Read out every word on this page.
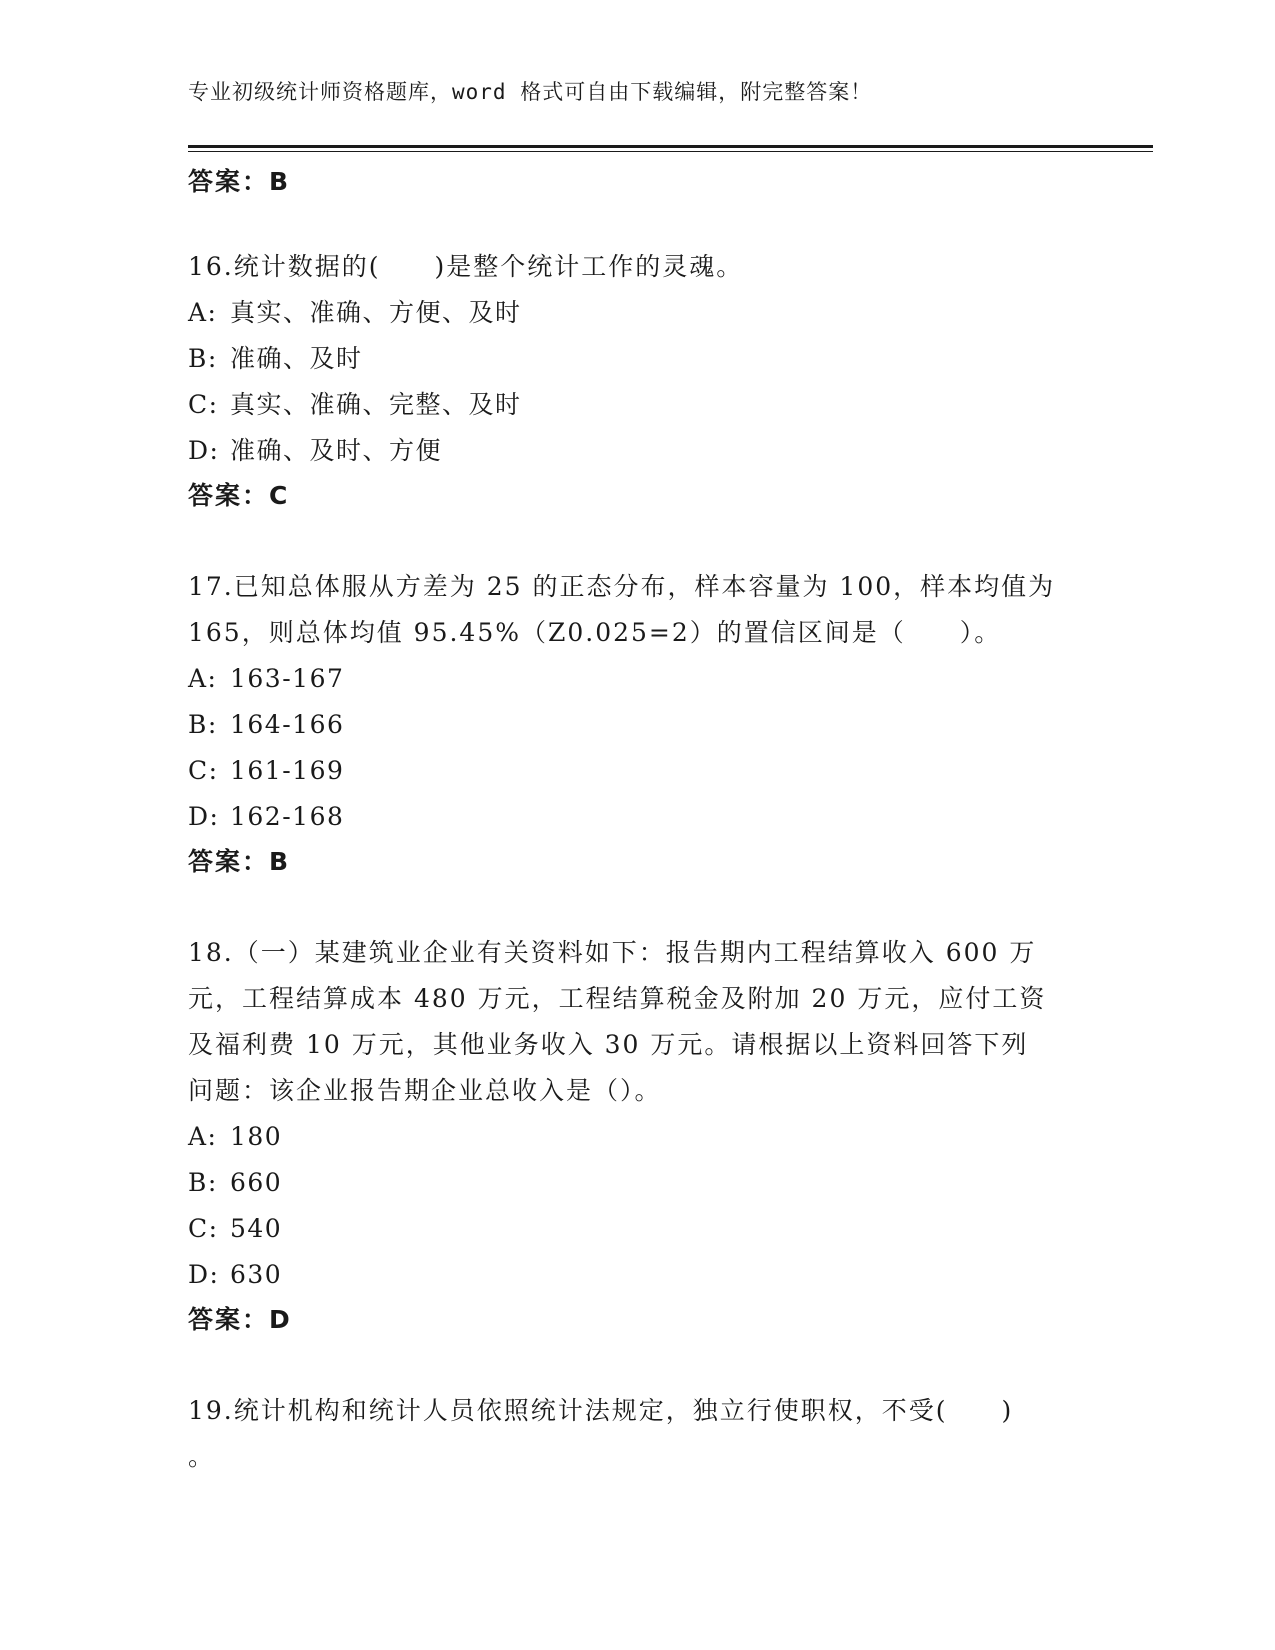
专业初级统计师资格题库，word 格式可自由下载编辑，附完整答案！
答案：B
16.统计数据的(　　)是整个统计工作的灵魂。
A: 真实、准确、方便、及时
B: 准确、及时
C: 真实、准确、完整、及时
D: 准确、及时、方便
答案：C
17.已知总体服从方差为 25 的正态分布，样本容量为 100，样本均值为
165，则总体均值 95.45%（Z0.025=2）的置信区间是（　　）。
A: 163-167
B: 164-166
C: 161-169
D: 162-168
答案：B
18.（一）某建筑业企业有关资料如下：报告期内工程结算收入 600 万
元，工程结算成本 480 万元，工程结算税金及附加 20 万元，应付工资
及福利费 10 万元，其他业务收入 30 万元。请根据以上资料回答下列
问题：该企业报告期企业总收入是（）。
A: 180
B: 660
C: 540
D: 630
答案：D
19.统计机构和统计人员依照统计法规定，独立行使职权，不受(　　)
。
